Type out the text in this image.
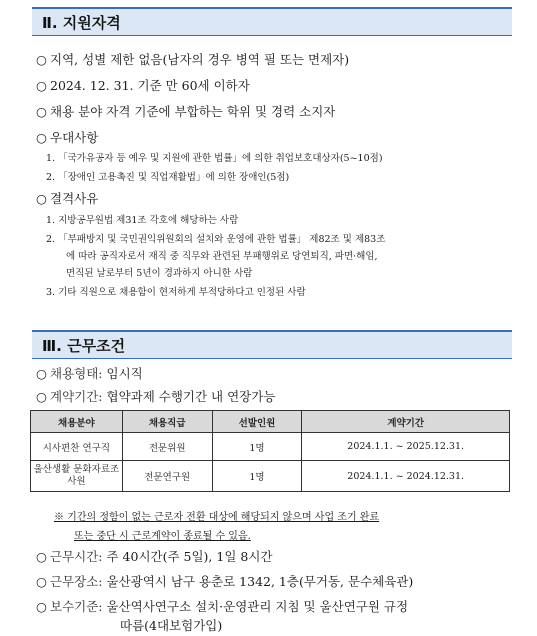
Ⅱ. 지원자격
○ 지역, 성별 제한 없음(남자의 경우 병역 필 또는 면제자)
○ 2024. 12. 31. 기준 만 60세 이하자
○ 채용 분야 자격 기준에 부합하는 학위 및 경력 소지자
○ 우대사항
1. 「국가유공자 등 예우 및 지원에 관한 법률」에 의한 취업보호대상자(5~10점)
2. 「장애인 고용촉진 및 직업재활법」에 의한 장애인(5점)
○ 결격사유
1. 지방공무원법 제31조 각호에 해당하는 사람
2. 「부패방지 및 국민권익위원회의 설치와 운영에 관한 법률」 제82조 및 제83조
에 따라 공직자로서 재직 중 직무와 관련된 부패행위로 당연퇴직, 파면·해임,
면직된 날로부터 5년이 경과하지 아니한 사람
3. 기타 직원으로 채용함이 현저하게 부적당하다고 인정된 사람
Ⅲ. 근무조건
○ 채용형태: 임시직
○ 계약기간: 협약과제 수행기간 내 연장가능
채용분야	채용직급	선발인원	계약기간
시사편찬 연구직	전문위원	1명	2024.1.1. ~ 2025.12.31.
울산생활 문화자료조사원	전문연구원	1명	2024.1.1. ~ 2024.12.31.
※ 기간의 정함이 없는 근로자 전환 대상에 해당되지 않으며 사업 조기 완료
또는 중단 시 근로계약이 종료될 수 있음.
○ 근무시간: 주 40시간(주 5일), 1일 8시간
○ 근무장소: 울산광역시 남구 용춘로 1342, 1층(무거동, 문수체육관)
○ 보수기준: 울산역사연구소 설치·운영관리 지침 및 울산연구원 규정
따름(4대보험가입)
